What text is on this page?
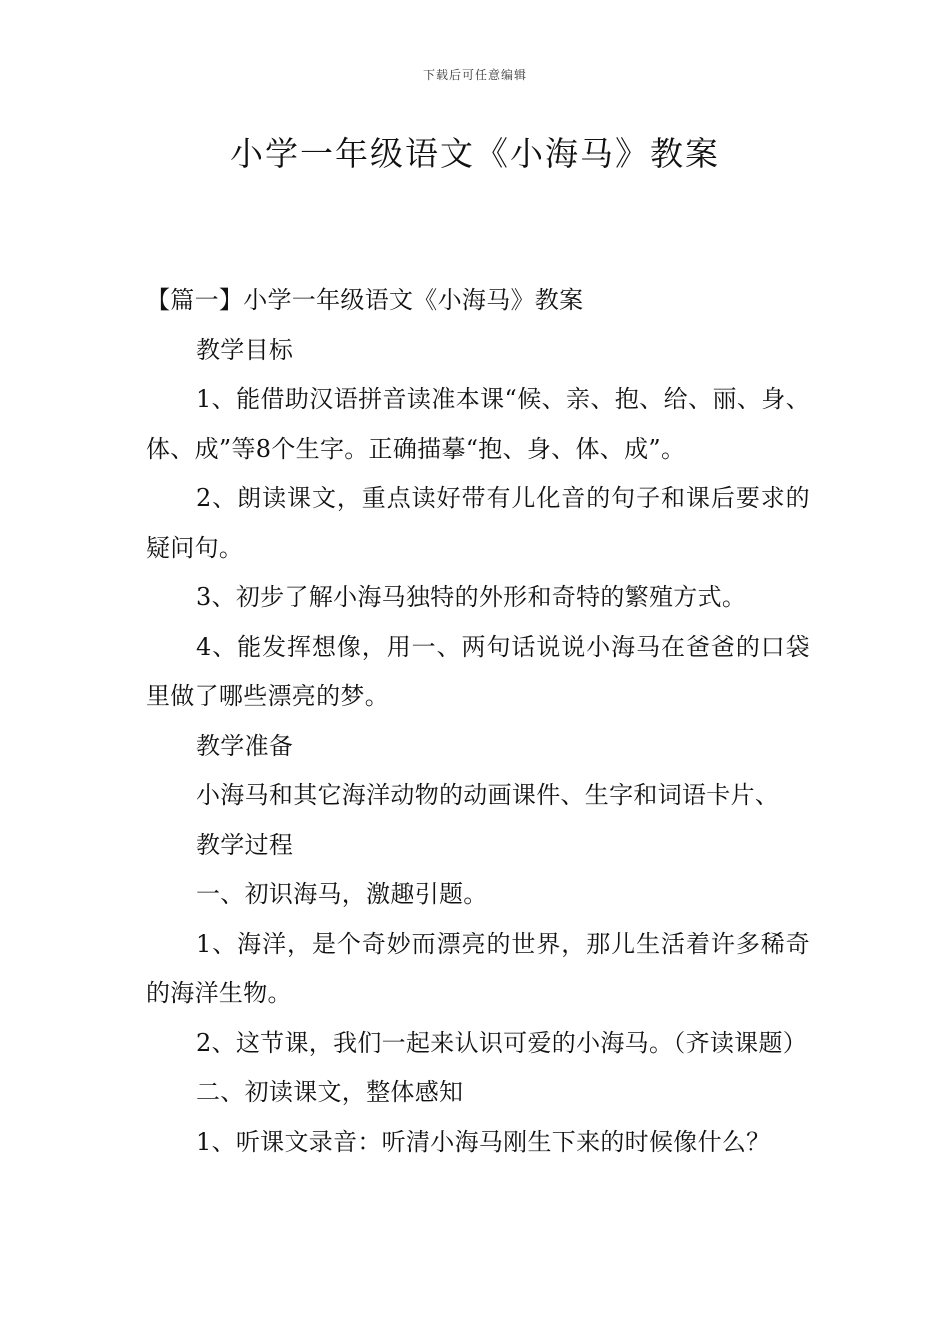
下载后可任意编辑
小学一年级语文《小海马》教案

【篇一】小学一年级语文《小海马》教案

教学目标

1、能借助汉语拼音读准本课“候、亲、抱、给、丽、身、体、成”等8个生字。正确描摹“抱、身、体、成”。

2、朗读课文，重点读好带有儿化音的句子和课后要求的疑问句。

3、初步了解小海马独特的外形和奇特的繁殖方式。

4、能发挥想像，用一、两句话说说小海马在爸爸的口袋里做了哪些漂亮的梦。

教学准备

小海马和其它海洋动物的动画课件、生字和词语卡片、

教学过程

一、初识海马，激趣引题。

1、海洋，是个奇妙而漂亮的世界，那儿生活着许多稀奇的海洋生物。

2、这节课，我们一起来认识可爱的小海马。（齐读课题）

二、初读课文，整体感知

1、听课文录音：听清小海马刚生下来的时候像什么？
